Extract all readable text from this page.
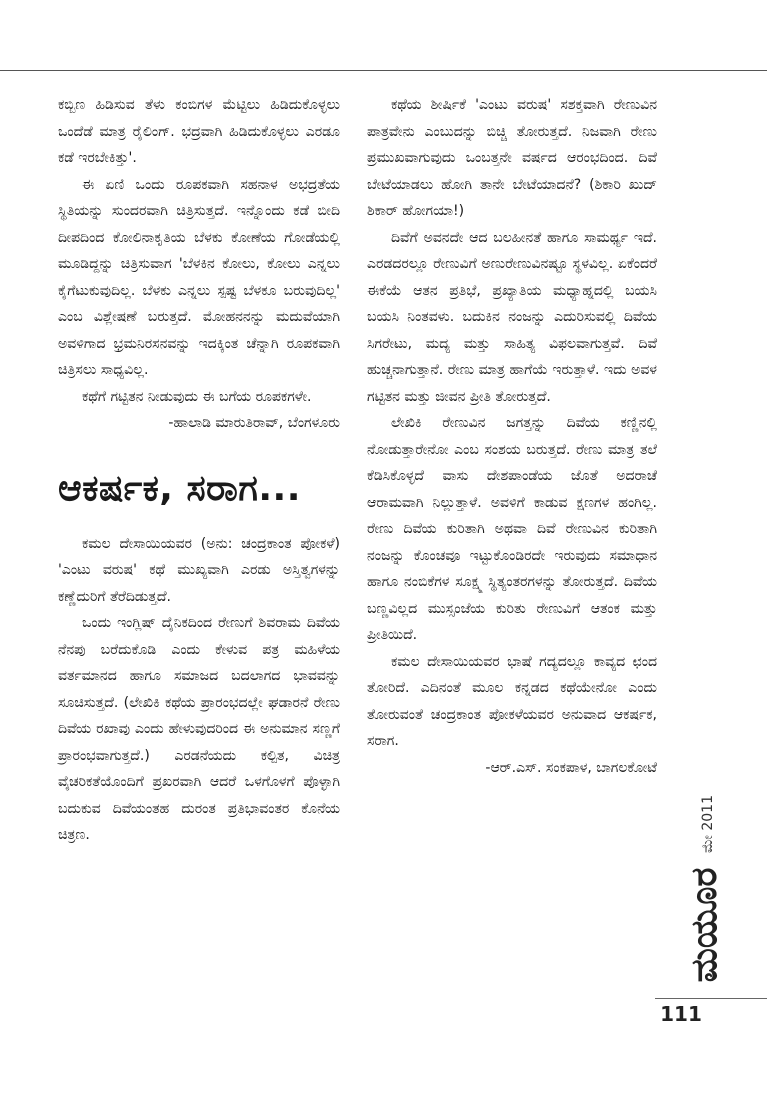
ಕಬ್ಬಿಣ ಹಿಡಿಸುವ ತೆಳು ಕಂಬಿಗಳ ಮೆಟ್ಟಿಲು ಹಿಡಿದುಕೊಳ್ಳಲು ಒಂದೆಡೆ ಮಾತ್ರ ರೈಲಿಂಗ್. ಭದ್ರವಾಗಿ ಹಿಡಿದುಕೊಳ್ಳಲು ಎರಡೂ ಕಡೆ ಇರಬೇಕಿತ್ತು'.

ಈ ಏಣಿ ಒಂದು ರೂಪಕವಾಗಿ ಸಹನಾಳ ಅಭದ್ರತೆಯ ಸ್ಥಿತಿಯನ್ನು ಸುಂದರವಾಗಿ ಚಿತ್ರಿಸುತ್ತದೆ. ಇನ್ನೊಂದು ಕಡೆ ಬೀದಿ ದೀಪದಿಂದ ಕೋಲಿನಾಕೃತಿಯ ಬೆಳಕು ಕೋಣೆಯ ಗೋಡೆಯಲ್ಲಿ ಮೂಡಿದ್ದನ್ನು ಚಿತ್ರಿಸುವಾಗ 'ಬೆಳಕಿನ ಕೋಲು, ಕೋಲು ಎನ್ನಲು ಕೈಗೆಟುಕುವುದಿಲ್ಲ. ಬೆಳಕು ಎನ್ನಲು ಸ್ಪಷ್ಟ ಬೆಳಕೂ ಬರುವುದಿಲ್ಲ' ಎಂಬ ವಿಶ್ಲೇಷಣೆ ಬರುತ್ತದೆ. ಮೋಹನನನ್ನು ಮದುವೆಯಾಗಿ ಅವಳಿಗಾದ ಭ್ರಮನಿರಸನವನ್ನು ಇದಕ್ಕಿಂತ ಚೆನ್ನಾಗಿ ರೂಪಕವಾಗಿ ಚಿತ್ರಿಸಲು ಸಾಧ್ಯವಿಲ್ಲ.

ಕಥೆಗೆ ಗಟ್ಟಿತನ ನೀಡುವುದು ಈ ಬಗೆಯ ರೂಪಕಗಳೇ.

-ಹಾಲಾಡಿ ಮಾರುತಿರಾವ್, ಬೆಂಗಳೂರು

ಆಕರ್ಷಕ, ಸರಾಗ...

ಕಮಲ ದೇಸಾಯಿಯವರ (ಅನು: ಚಂದ್ರಕಾಂತ ಪೋಕಳೆ) 'ಎಂಟು ವರುಷ' ಕಥೆ ಮುಖ್ಯವಾಗಿ ಎರಡು ಅಸ್ತಿತ್ವಗಳನ್ನು ಕಣ್ಣೆದುರಿಗೆ ತೆರೆದಿಡುತ್ತದೆ.

ಒಂದು ಇಂಗ್ಲಿಷ್ ದೈನಿಕದಿಂದ ರೇಣುಗೆ ಶಿವರಾಮ ದಿವೆಯ ನೆನಪು ಬರೆದುಕೊಡಿ ಎಂದು ಕೇಳುವ ಪತ್ರ ಮಹಿಳೆಯ ವರ್ತಮಾನದ ಹಾಗೂ ಸಮಾಜದ ಬದಲಾಗದ ಭಾವವನ್ನು ಸೂಚಿಸುತ್ತದೆ. (ಲೇಖಿಕಿ ಕಥೆಯ ಪ್ರಾರಂಭದಲ್ಲೇ ಘಡಾರನೆ ರೇಣು ದಿವೆಯ ರಖಾವು ಎಂದು ಹೇಳುವುದರಿಂದ ಈ ಅನುಮಾನ ಸಣ್ಣಗೆ ಪ್ರಾರಂಭವಾಗುತ್ತದೆ.) ಎರಡನೆಯದು ಕಲ್ಪಿತ, ವಿಚಿತ್ರ ವೈಚರಿಕತೆಯೊಂದಿಗೆ ಪ್ರಖರವಾಗಿ ಆದರೆ ಒಳಗೊಳಗೆ ಪೊಳ್ಳಾಗಿ ಬದುಕುವ ದಿವೆಯಂತಹ ದುರಂತ ಪ್ರತಿಭಾವಂತರ ಕೊನೆಯ ಚಿತ್ರಣ.

ಕಥೆಯ ಶೀರ್ಷಿಕೆ 'ಎಂಟು ವರುಷ' ಸಶಕ್ತವಾಗಿ ರೇಣುವಿನ ಪಾತ್ರವೇನು ಎಂಬುದನ್ನು ಬಿಚ್ಚಿ ತೋರುತ್ತದೆ. ನಿಜವಾಗಿ ರೇಣು ಪ್ರಮುಖವಾಗುವುದು ಒಂಬತ್ತನೇ ವರ್ಷದ ಆರಂಭದಿಂದ. ದಿವೆ ಬೇಟೆಯಾಡಲು ಹೋಗಿ ತಾನೇ ಬೇಟೆಯಾದನೆ? (ಶಿಕಾರಿ ಖುದ್ ಶಿಕಾರ್ ಹೋಗಯಾ!)

ದಿವೆಗೆ ಅವನದೇ ಆದ ಬಲಹೀನತೆ ಹಾಗೂ ಸಾಮರ್ಥ್ಯ ಇದೆ. ಎರಡದರಲ್ಲೂ ರೇಣುವಿಗೆ ಅಣುರೇಣುವಿನಷ್ಟೂ ಸ್ಥಳವಿಲ್ಲ. ಏಕೆಂದರೆ ಈಕೆಯೆ ಆತನ ಪ್ರತಿಭೆ, ಪ್ರಖ್ಯಾತಿಯ ಮಧ್ಯಾಹ್ನದಲ್ಲಿ ಬಯಸಿ ಬಯಸಿ ನಿಂತವಳು. ಬದುಕಿನ ನಂಜನ್ನು ಎದುರಿಸುವಲ್ಲಿ ದಿವೆಯ ಸಿಗರೇಟು, ಮದ್ಯ ಮತ್ತು ಸಾಹಿತ್ಯ ವಿಫಲವಾಗುತ್ತವೆ. ದಿವೆ ಹುಚ್ಚನಾಗುತ್ತಾನೆ. ರೇಣು ಮಾತ್ರ ಹಾಗೆಯೆ ಇರುತ್ತಾಳೆ. ಇದು ಅವಳ ಗಟ್ಟಿತನ ಮತ್ತು ಜೀವನ ಪ್ರೀತಿ ತೋರುತ್ತದೆ.

ಲೇಖಿಕಿ ರೇಣುವಿನ ಜಗತ್ತನ್ನು ದಿವೆಯ ಕಣ್ಣಿನಲ್ಲಿ ನೋಡುತ್ತಾರೇನೋ ಎಂಬ ಸಂಶಯ ಬರುತ್ತದೆ. ರೇಣು ಮಾತ್ರ ತಲೆ ಕೆಡಿಸಿಕೊಳ್ಳದೆ ವಾಸು ದೇಶಪಾಂಡೆಯ ಜೊತೆ ಅದರಾಚೆ ಆರಾಮವಾಗಿ ನಿಲ್ಲುತ್ತಾಳೆ. ಅವಳಿಗೆ ಕಾಡುವ ಕ್ಷಣಗಳ ಹಂಗಿಲ್ಲ. ರೇಣು ದಿವೆಯ ಕುರಿತಾಗಿ ಅಥವಾ ದಿವೆ ರೇಣುವಿನ ಕುರಿತಾಗಿ ನಂಜನ್ನು ಕೊಂಚವೂ ಇಟ್ಟುಕೊಂಡಿರದೇ ಇರುವುದು ಸಮಾಧಾನ ಹಾಗೂ ನಂಬಿಕೆಗಳ ಸೂಕ್ಷ್ಮ ಸ್ಥಿತ್ಯಂತರಗಳನ್ನು ತೋರುತ್ತದೆ. ದಿವೆಯ ಬಣ್ಣವಿಲ್ಲದ ಮುಸ್ಸಂಜೆಯ ಕುರಿತು ರೇಣುವಿಗೆ ಆತಂಕ ಮತ್ತು ಪ್ರೀತಿಯಿದೆ.

ಕಮಲ ದೇಸಾಯಿಯವರ ಭಾಷೆ ಗದ್ಯದಲ್ಲೂ ಕಾವ್ಯದ ಛಂದ ತೋರಿದೆ. ಎದಿನಂತೆ ಮೂಲ ಕನ್ನಡದ ಕಥೆಯೇನೋ ಎಂದು ತೋರುವಂತೆ ಚಂದ್ರಕಾಂತ ಪೋಕಳೆಯವರ ಅನುವಾದ ಆಕರ್ಷಕ, ಸರಾಗ.

-ಆರ್.ಎಸ್. ಸಂಕಪಾಳ, ಬಾಗಲಕೋಟೆ

ಮೇ 2011
ಮಯೂರ
111
